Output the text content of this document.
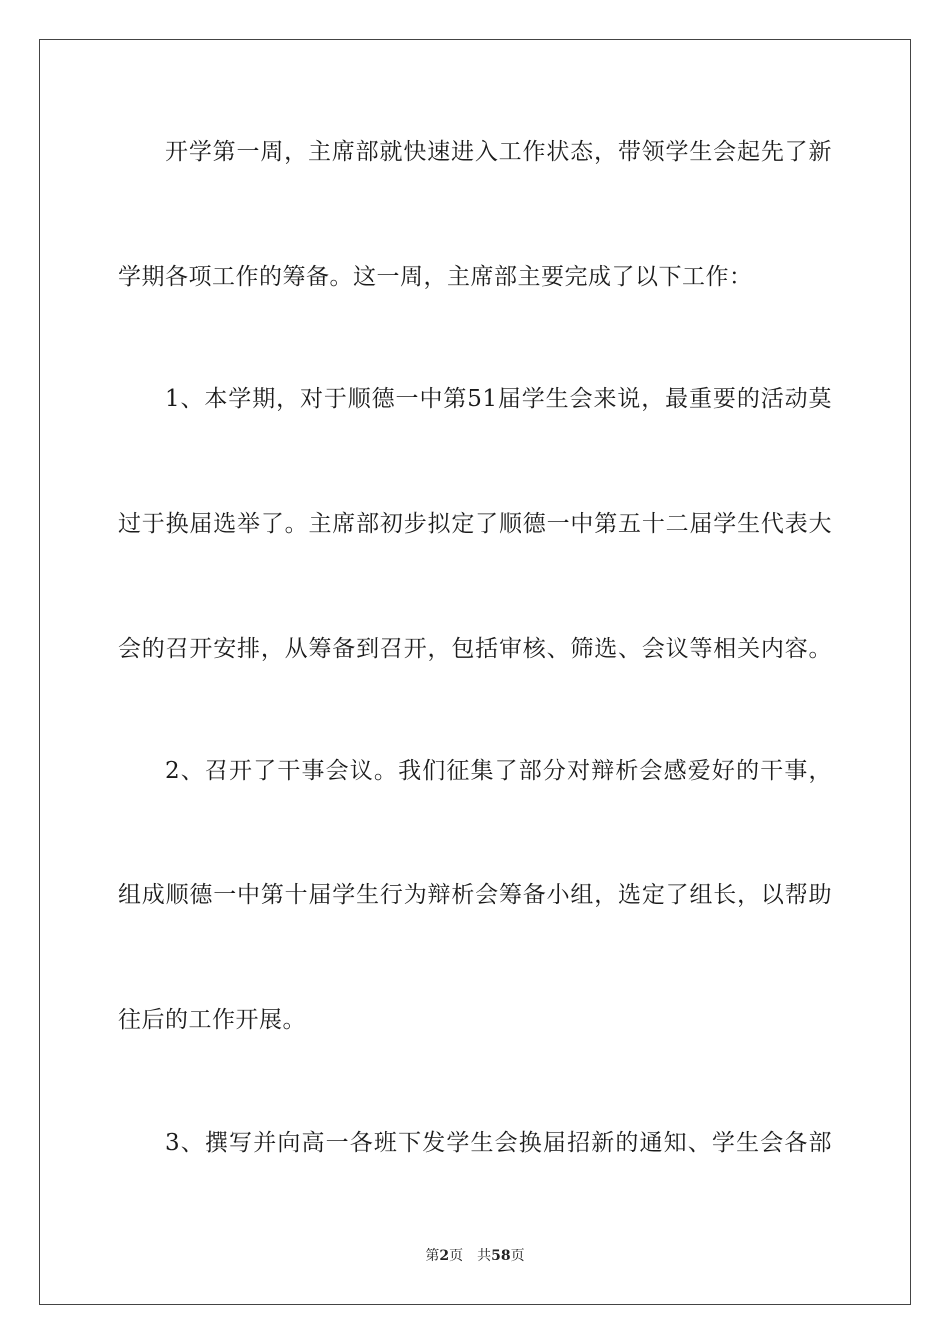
开学第一周，主席部就快速进入工作状态，带领学生会起先了新
学期各项工作的筹备。这一周，主席部主要完成了以下工作：
1、本学期，对于顺德一中第51届学生会来说，最重要的活动莫
过于换届选举了。主席部初步拟定了顺德一中第五十二届学生代表大
会的召开安排，从筹备到召开，包括审核、筛选、会议等相关内容。
2、召开了干事会议。我们征集了部分对辩析会感爱好的干事，
组成顺德一中第十届学生行为辩析会筹备小组，选定了组长，以帮助
往后的工作开展。
3、撰写并向高一各班下发学生会换届招新的通知、学生会各部
第2页 共58页
